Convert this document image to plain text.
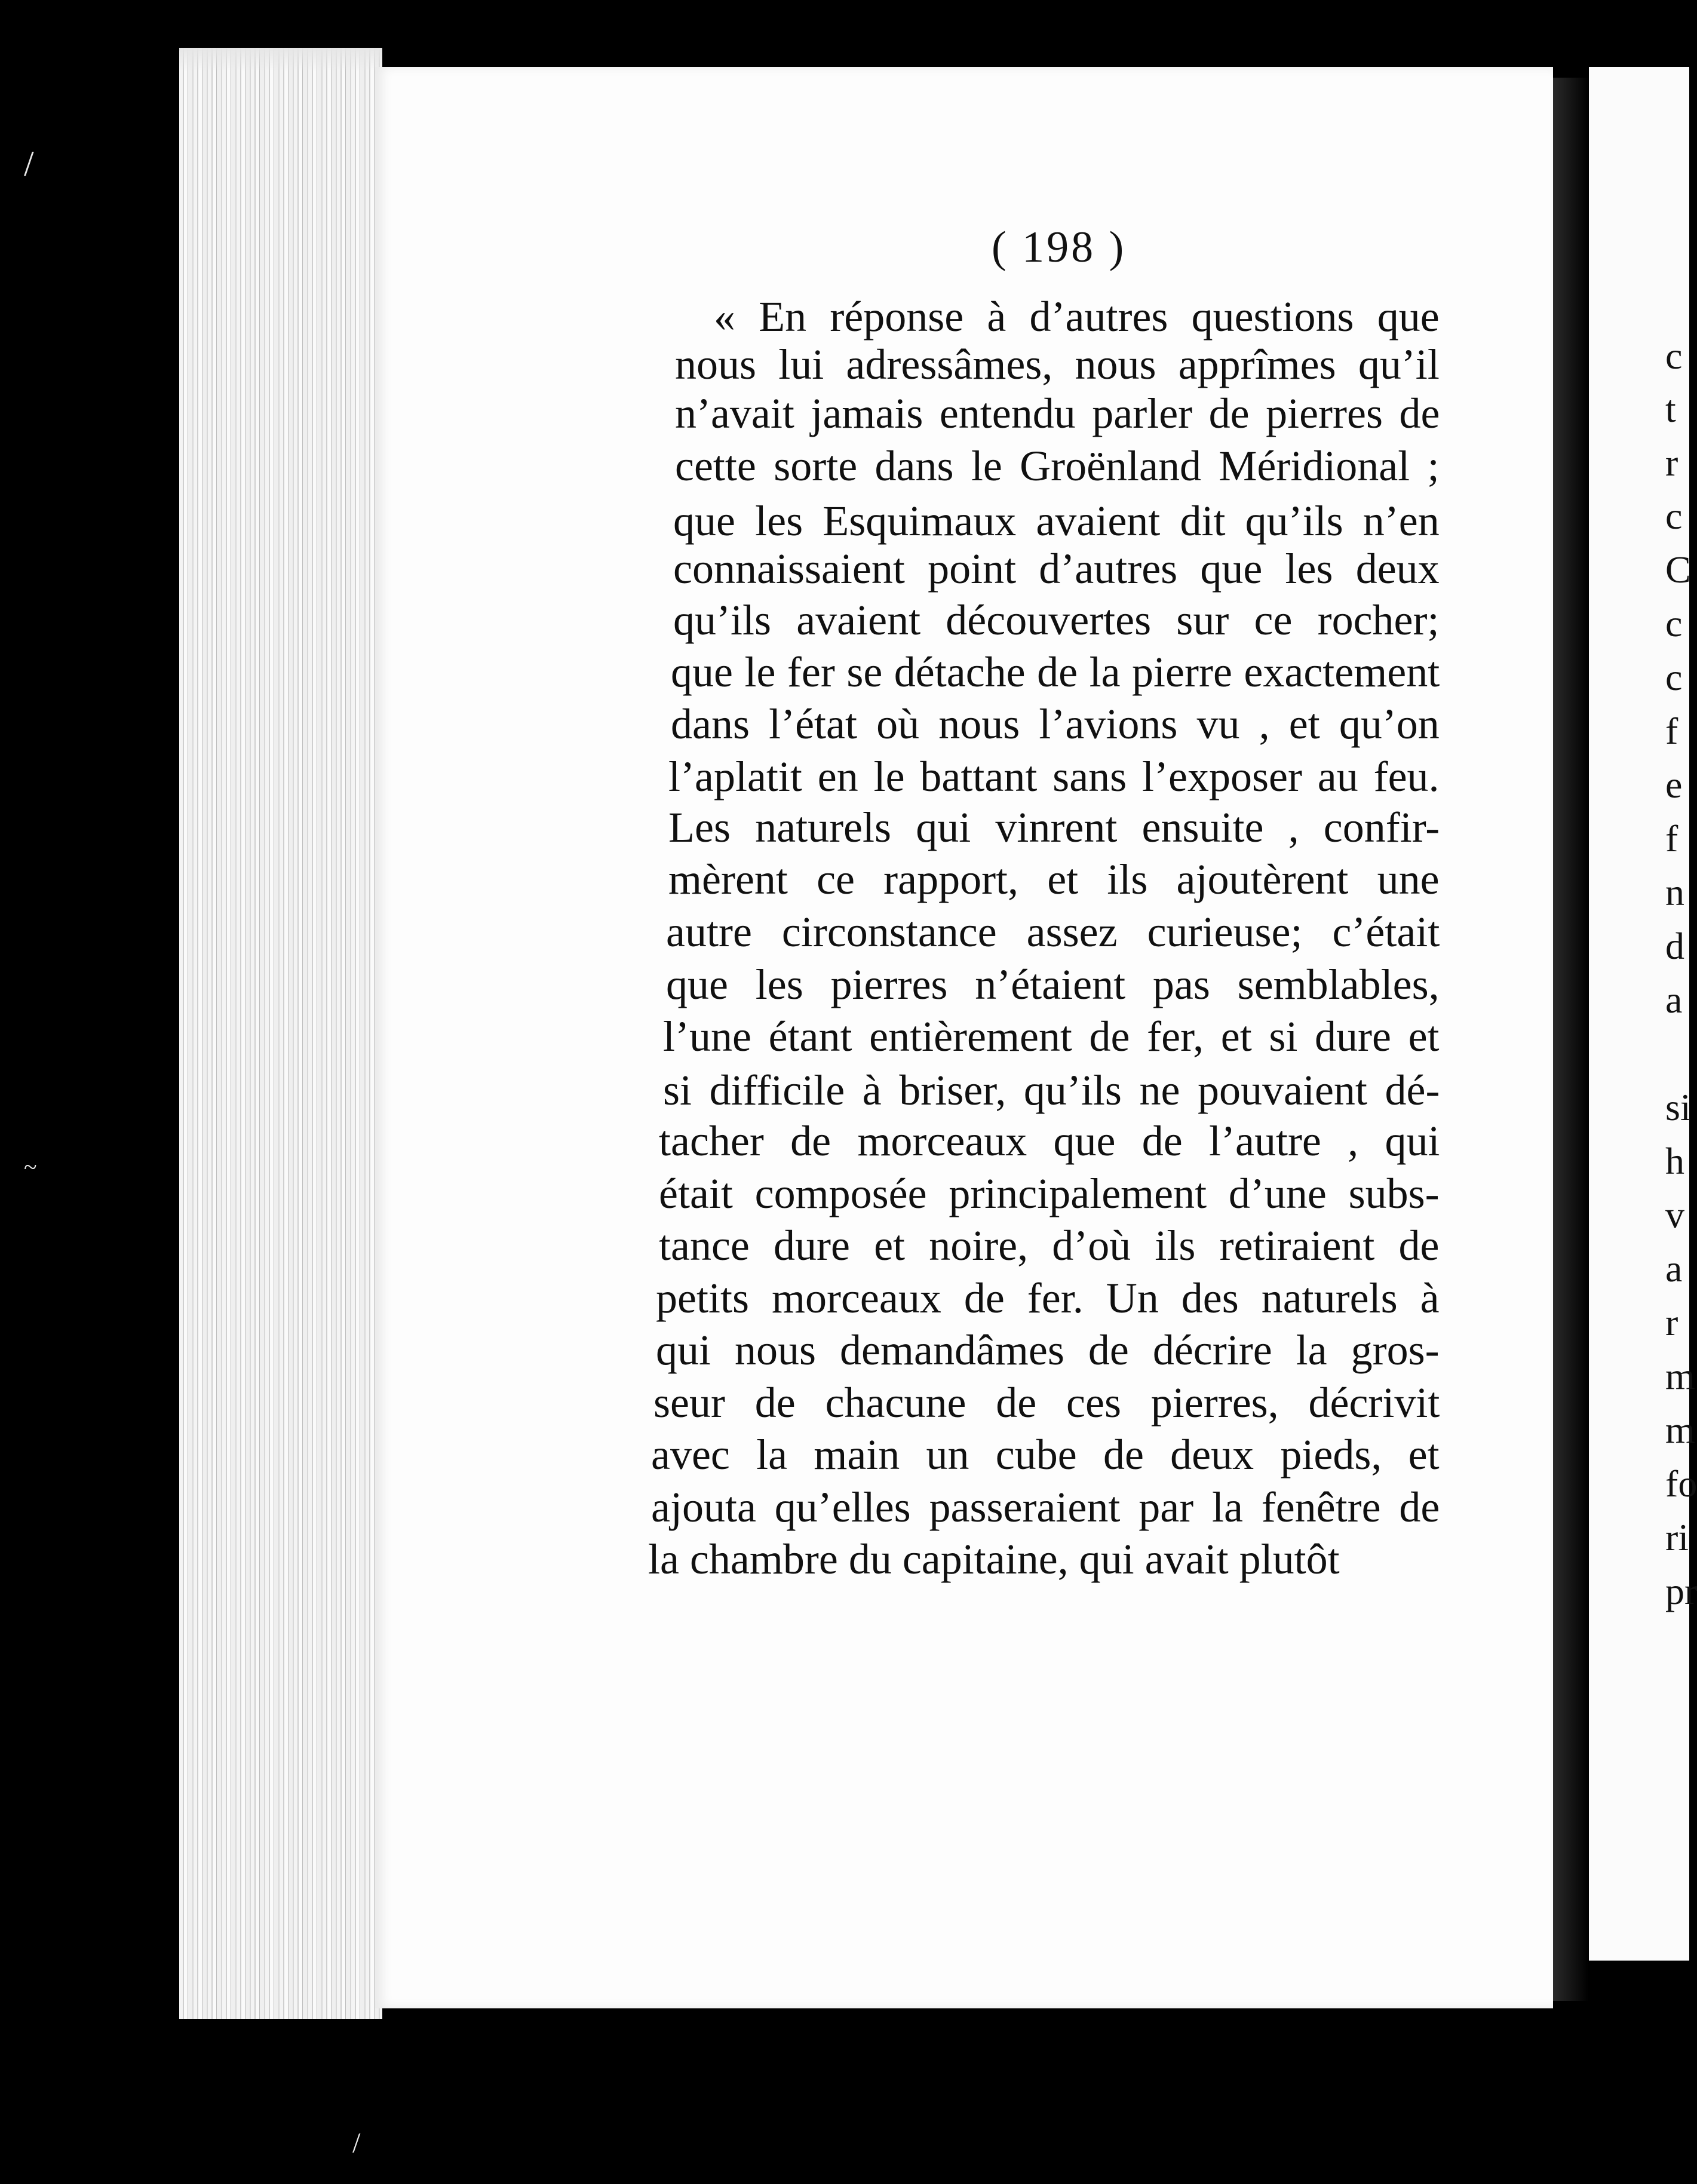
c
t
r
c
C
c
c
f
e
f
n
d
a
si
h
v
a
r
m
m
fo
ri
pr
/
~
/
( 198 )
« En réponse à d’autres questions que
nous lui adressâmes, nous apprîmes qu’il
n’avait jamais entendu parler de pierres de
cette sorte dans le Groënland Méridional ;
que les Esquimaux avaient dit qu’ils n’en
connaissaient point d’autres que les deux
qu’ils avaient découvertes sur ce rocher;
que le fer se détache de la pierre exactement
dans l’état où nous l’avions vu , et qu’on
l’aplatit en le battant sans l’exposer au feu.
Les naturels qui vinrent ensuite , confir-
mèrent ce rapport, et ils ajoutèrent une
autre circonstance assez curieuse; c’était
que les pierres n’étaient pas semblables,
l’une étant entièrement de fer, et si dure et
si difficile à briser, qu’ils ne pouvaient dé-
tacher de morceaux que de l’autre , qui
était composée principalement d’une subs-
tance dure et noire, d’où ils retiraient de
petits morceaux de fer. Un des naturels à
qui nous demandâmes de décrire la gros-
seur de chacune de ces pierres, décrivit
avec la main un cube de deux pieds, et
ajouta qu’elles passeraient par la fenêtre de
la chambre du capitaine, qui avait plutôt
